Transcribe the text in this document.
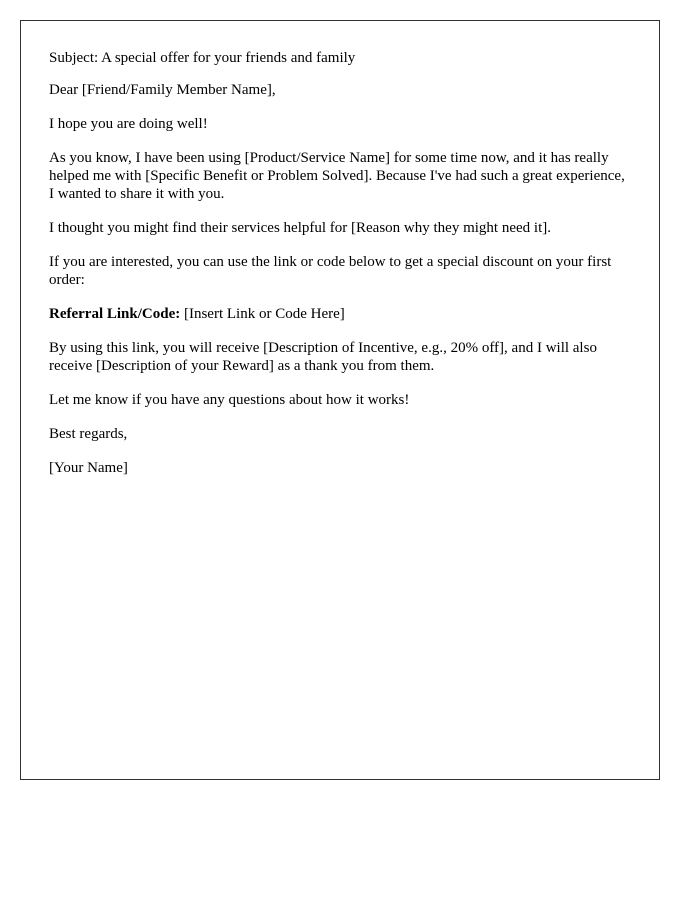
Subject: A special offer for your friends and family

Dear [Friend/Family Member Name],

I hope you are doing well!

As you know, I have been using [Product/Service Name] for some time now, and it has really helped me with [Specific Benefit or Problem Solved]. Because I've had such a great experience, I wanted to share it with you.

I thought you might find their services helpful for [Reason why they might need it].

If you are interested, you can use the link or code below to get a special discount on your first order:

Referral Link/Code: [Insert Link or Code Here]

By using this link, you will receive [Description of Incentive, e.g., 20% off], and I will also receive [Description of your Reward] as a thank you from them.

Let me know if you have any questions about how it works!

Best regards,

[Your Name]
